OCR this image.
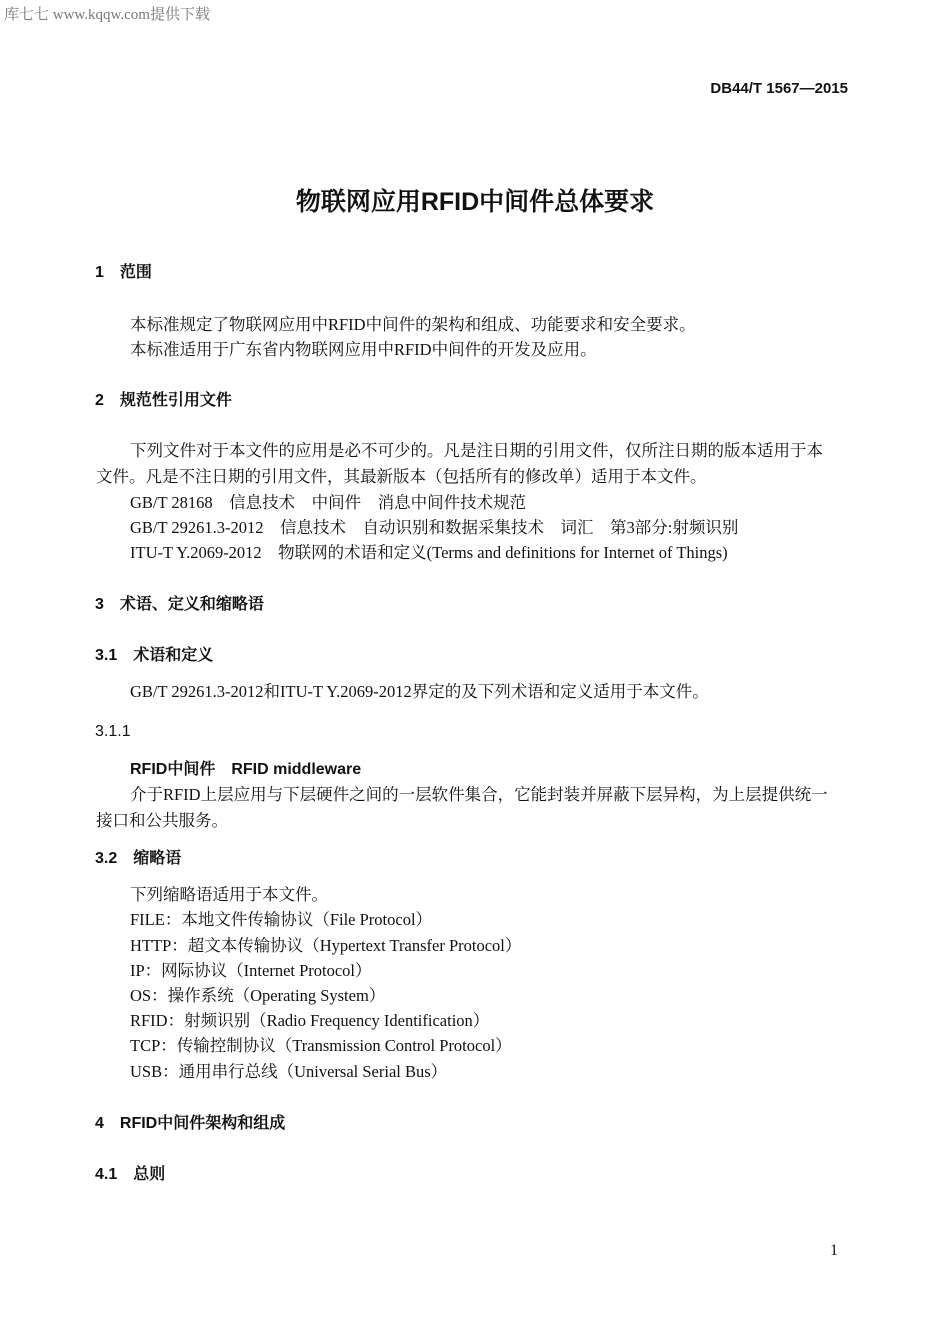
库七七 www.kqqw.com提供下载
DB44/T 1567—2015
物联网应用RFID中间件总体要求
1　范围
本标准规定了物联网应用中RFID中间件的架构和组成、功能要求和安全要求。
本标准适用于广东省内物联网应用中RFID中间件的开发及应用。
2　规范性引用文件
下列文件对于本文件的应用是必不可少的。凡是注日期的引用文件，仅所注日期的版本适用于本
文件。凡是不注日期的引用文件，其最新版本（包括所有的修改单）适用于本文件。
GB/T 28168　信息技术　中间件　消息中间件技术规范
GB/T 29261.3-2012　信息技术　自动识别和数据采集技术　词汇　第3部分:射频识别
ITU-T Y.2069-2012　物联网的术语和定义(Terms and definitions for Internet of Things)
3　术语、定义和缩略语
3.1　术语和定义
GB/T 29261.3-2012和ITU-T Y.2069-2012界定的及下列术语和定义适用于本文件。
3.1.1
RFID中间件　RFID middleware
介于RFID上层应用与下层硬件之间的一层软件集合，它能封装并屏蔽下层异构，为上层提供统一
接口和公共服务。
3.2　缩略语
下列缩略语适用于本文件。
FILE：本地文件传输协议（File Protocol）
HTTP：超文本传输协议（Hypertext Transfer Protocol）
IP：网际协议（Internet Protocol）
OS：操作系统（Operating System）
RFID：射频识别（Radio Frequency Identification）
TCP：传输控制协议（Transmission Control Protocol）
USB：通用串行总线（Universal Serial Bus）
4　RFID中间件架构和组成
4.1　总则
1
